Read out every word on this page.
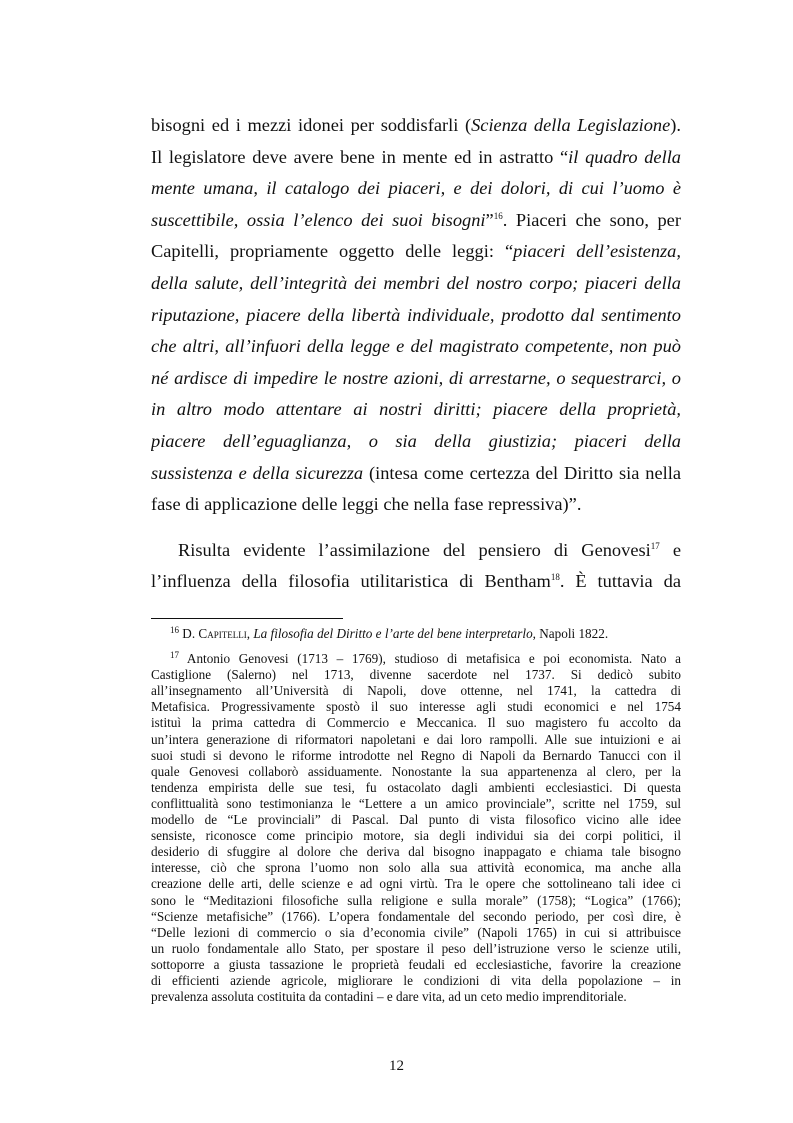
bisogni ed i mezzi idonei per soddisfarli (Scienza della Legislazione).
Il legislatore deve avere bene in mente ed in astratto “il quadro della
mente umana, il catalogo dei piaceri, e dei dolori, di cui l’uomo è
suscettibile, ossia l’elenco dei suoi bisogni”$^{16}$. Piaceri che sono, per
Capitelli, propriamente oggetto delle leggi: “piaceri dell’esistenza,
della salute, dell’integrità dei membri del nostro corpo; piaceri della
riputazione, piacere della libertà individuale, prodotto dal sentimento
che altri, all’infuori della legge e del magistrato competente, non può
né ardisce di impedire le nostre azioni, di arrestarne, o sequestrarci, o
in altro modo attentare ai nostri diritti; piacere della proprietà,
piacere dell’eguaglianza, o sia della giustizia; piaceri della
sussistenza e della sicurezza (intesa come certezza del Diritto sia nella
fase di applicazione delle leggi che nella fase repressiva)”.
Risulta evidente l’assimilazione del pensiero di Genovesi$^{17}$ e
l’influenza della filosofia utilitaristica di Bentham$^{18}$. È tuttavia da
$^{16}$ D. Capitelli, La filosofia del Diritto e l’arte del bene interpretarlo, Napoli 1822.
$^{17}$ Antonio Genovesi (1713 – 1769), studioso di metafisica e poi economista. Nato a
Castiglione (Salerno) nel 1713, divenne sacerdote nel 1737. Si dedicò subito
all’insegnamento all’Università di Napoli, dove ottenne, nel 1741, la cattedra di
Metafisica. Progressivamente spostò il suo interesse agli studi economici e nel 1754
istituì la prima cattedra di Commercio e Meccanica. Il suo magistero fu accolto da
un’intera generazione di riformatori napoletani e dai loro rampolli. Alle sue intuizioni e ai
suoi studi si devono le riforme introdotte nel Regno di Napoli da Bernardo Tanucci con il
quale Genovesi collaborò assiduamente. Nonostante la sua appartenenza al clero, per la
tendenza empirista delle sue tesi, fu ostacolato dagli ambienti ecclesiastici. Di questa
conflittualità sono testimonianza le “Lettere a un amico provinciale”, scritte nel 1759, sul
modello de “Le provinciali” di Pascal. Dal punto di vista filosofico vicino alle idee
sensiste, riconosce come principio motore, sia degli individui sia dei corpi politici, il
desiderio di sfuggire al dolore che deriva dal bisogno inappagato e chiama tale bisogno
interesse, ciò che sprona l’uomo non solo alla sua attività economica, ma anche alla
creazione delle arti, delle scienze e ad ogni virtù. Tra le opere che sottolineano tali idee ci
sono le “Meditazioni filosofiche sulla religione e sulla morale” (1758); “Logica” (1766);
“Scienze metafisiche” (1766). L’opera fondamentale del secondo periodo, per così dire, è
“Delle lezioni di commercio o sia d’economia civile” (Napoli 1765) in cui si attribuisce
un ruolo fondamentale allo Stato, per spostare il peso dell’istruzione verso le scienze utili,
sottoporre a giusta tassazione le proprietà feudali ed ecclesiastiche, favorire la creazione
di efficienti aziende agricole, migliorare le condizioni di vita della popolazione – in
prevalenza assoluta costituita da contadini – e dare vita, ad un ceto medio imprenditoriale.
12
